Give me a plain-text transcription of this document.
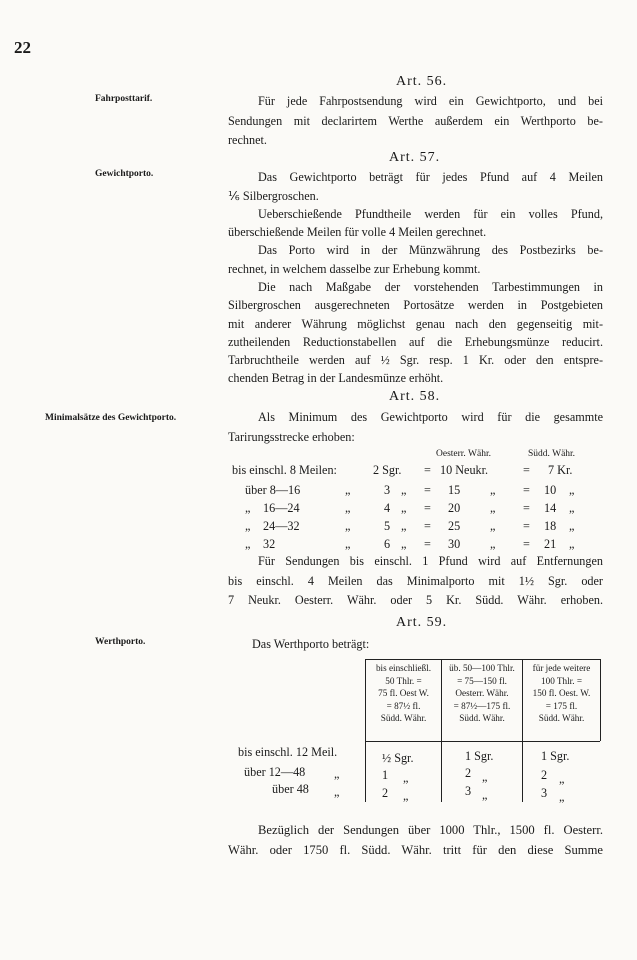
22
Fahrposttarif.
Gewichtporto.
Minimalsätze des Gewichtporto.
Werthporto.
Art. 56.
Für jede Fahrpostsendung wird ein Gewichtporto, und bei
Sendungen mit declarirtem Werthe außerdem ein Werthporto be-
rechnet.
Art. 57.
Das Gewichtporto beträgt für jedes Pfund auf 4 Meilen
⅙ Silbergroschen.
Ueberschießende Pfundtheile werden für ein volles Pfund,
überschießende Meilen für volle 4 Meilen gerechnet.
Das Porto wird in der Münzwährung des Postbezirks be-
rechnet, in welchem dasselbe zur Erhebung kommt.
Die nach Maßgabe der vorstehenden Tarbestimmungen in
Silbergroschen ausgerechneten Portosätze werden in Postgebieten
mit anderer Währung möglichst genau nach den gegenseitig mit-
zutheilenden Reductionstabellen auf die Erhebungsmünze reducirt.
Tarbruchtheile werden auf ½ Sgr. resp. 1 Kr. oder den entspre-
chenden Betrag in der Landesmünze erhöht.
Art. 58.
Als Minimum des Gewichtporto wird für die gesammte
Tarirungsstrecke erhoben:
Oesterr. Währ.	Südd. Währ.
bis einschl. 8 Meilen:	2 Sgr. = 10 Neukr.	= 7 Kr.
über 8—16	„	3 „ = 15 „ = 10 „
„ 16—24	„	4 „ = 20 „ = 14 „
„ 24—32	„	5 „ = 25 „ = 18 „
„ 32	„	6 „ = 30 „ = 21 „
Für Sendungen bis einschl. 1 Pfund wird auf Entfernungen
bis einschl. 4 Meilen das Minimalporto mit 1½ Sgr. oder
7 Neukr. Oesterr. Währ. oder 5 Kr. Südd. Währ. erhoben.
Art. 59.
Das Werthporto beträgt:
bis einschließl.
50 Thlr. =
75 fl. Oest W.
= 87½ fl.
Südd. Währ.
üb. 50—100 Thlr.
= 75—150 fl.
Oesterr. Währ.
= 87½—175 fl.
Südd. Währ.
für jede weitere
100 Thlr. =
150 fl. Oest. W.
= 175 fl.
Südd. Währ.
bis einschl. 12 Meil.	½ Sgr.	1 Sgr.	1 Sgr.
über 12—48 „	1 „	2 „	2 „
über 48 „	2 „	3 „	3 „
Bezüglich der Sendungen über 1000 Thlr., 1500 fl. Oesterr.
Währ. oder 1750 fl. Südd. Währ. tritt für den diese Summe
